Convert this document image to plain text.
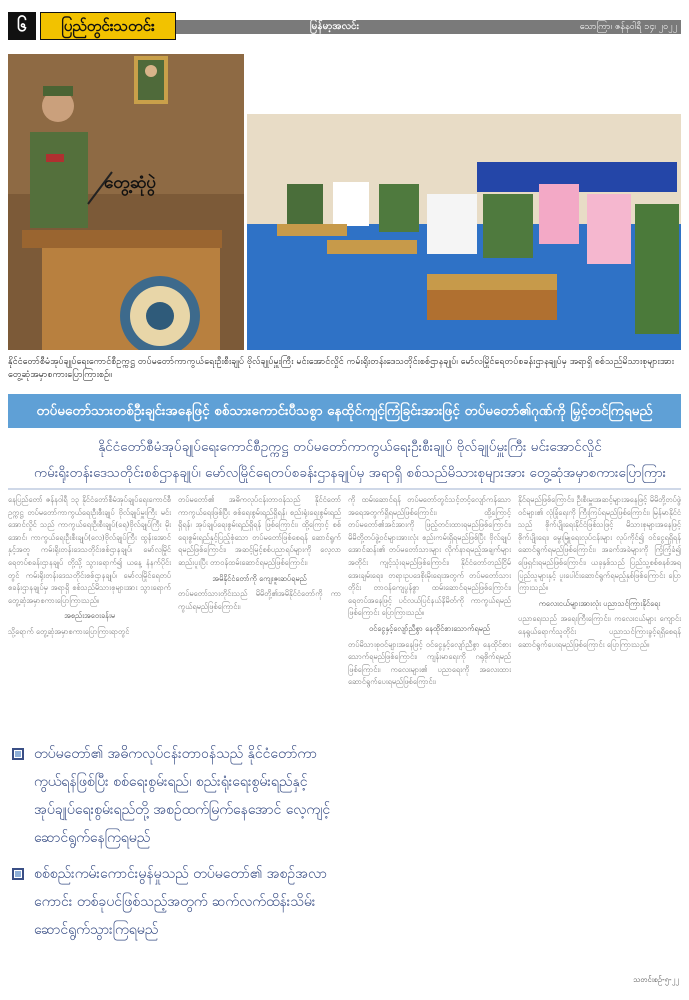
၆	ပြည်တွင်းသတင်း	မြန်မာ့အလင်း	သောကြာ၊ ဇန်နဝါရီ ၁၄၊ ၂၀၂၂
တွေ့ဆုံပွဲ
နိုင်ငံတော်စီမံအုပ်ချုပ်ရေးကောင်စီဥက္ကဋ္ဌ တပ်မတော်ကာကွယ်ရေးဦးစီးချုပ် ဗိုလ်ချုပ်မှူးကြီး မင်းအောင်လှိုင် ကမ်းရိုးတန်းဒေသတိုင်းစစ်ဌာနချုပ်၊ မော်လမြိုင်ရေတပ်စခန်းဌာနချုပ်မှ အရာရှိ စစ်သည်မိသားစုများအား တွေ့ဆုံအမှာစကားပြောကြားစဉ်။
တပ်မတော်သားတစ်ဦးချင်းအနေဖြင့် စစ်သားကောင်းပီသစွာ နေထိုင်ကျင့်ကြံခြင်းအားဖြင့် တပ်မတော်၏ဂုဏ်ကို မြှင့်တင်ကြရမည်
နိုင်ငံတော်စီမံအုပ်ချုပ်ရေးကောင်စီဥက္ကဋ္ဌ တပ်မတော်ကာကွယ်ရေးဦးစီးချုပ် ဗိုလ်ချုပ်မှူးကြီး မင်းအောင်လှိုင်
ကမ်းရိုးတန်းဒေသတိုင်းစစ်ဌာနချုပ်၊ မော်လမြိုင်ရေတပ်စခန်းဌာနချုပ်မှ အရာရှိ စစ်သည်မိသားစုများအား တွေ့ဆုံအမှာစကားပြောကြား

နေပြည်တော် ဇန်နဝါရီ ၁၃ နိုင်ငံတော်စီမံအုပ်ချုပ်ရေးကောင်စီဥက္ကဋ္ဌ တပ်မတော်ကာကွယ်ရေးဦးစီးချုပ် ဗိုလ်ချုပ်မှူးကြီး မင်းအောင်လှိုင် သည် ကာကွယ်ရေးဦးစီးချုပ်(ရေ)ဗိုလ်ချုပ်ကြီး မိုးအောင်၊ ကာကွယ်ရေးဦးစီးချုပ်(လေ)ဗိုလ်ချုပ်ကြီး ထွန်းအောင်နှင့်အတူ ကမ်းရိုးတန်းဒေသတိုင်းစစ်ဌာနချုပ်၊ မော်လမြိုင်ရေတပ်စခန်းဌာနချုပ် တို့သို့ သွားရောက်၍ ယနေ့ နံနက်ပိုင်းတွင် ကမ်းရိုးတန်းဒေသတိုင်းစစ်ဌာနချုပ်၊ မော်လမြိုင်ရေတပ်စခန်းဌာနချုပ်မှ အရာရှိ စစ်သည်မိသားစုများအား သွားရောက်တွေ့ဆုံအမှာစကားပြောကြားသည်။

အစည်းအဝေးခန်းမ

သို့ရောက် တွေ့ဆုံအမှာစကားပြောကြားရာတွင်

တပ်မတော်၏ အဓိကလုပ်ငန်းတာဝန်သည် နိုင်ငံတော်ကာကွယ်ရေးဖြစ်ပြီး စစ်ရေးစွမ်းရည်ရှိရန်၊ စည်းရုံးရေးစွမ်းရည်ရှိရန်၊ အုပ်ချုပ်ရေးစွမ်းရည်ရှိရန် ဖြစ်ကြောင်း၊ ထို့ကြောင့် စစ်ရေးစွမ်းရည်နှင့်ပြည့်စုံသော တပ်မတော်ဖြစ်စေရန် ဆောင်ရွက်ရမည်ဖြစ်ကြောင်း၊ အဆင့်မြင့်စစ်ပညာရပ်များကို လေ့လာဆည်းပူးပြီး တာဝန်ထမ်းဆောင်ရမည်ဖြစ်ကြောင်း၊

အမိနိုင်ငံတော်ကို ကျေးဇူးဆပ်ရမည်

တပ်မတော်သားတိုင်းသည် မိမိတို့၏အမိနိုင်ငံတော်ကို ကာကွယ်ရမည်ဖြစ်ကြောင်း၊

ကို ထမ်းဆောင်ရန် တပ်မတော်တွင်သင့်တင့်လျော်ကန်သော အရေအတွက်ရှိရမည်ဖြစ်ကြောင်း၊ ထို့ကြောင့် တပ်မတော်၏အင်အားကို ဖြည့်တင်းထားရမည်ဖြစ်ကြောင်း၊ မိမိတို့တပ်ဖွဲ့ဝင်များအားလုံး စည်းကမ်းရှိရမည်ဖြစ်ပြီး ဗိုလ်ချုပ်အောင်ဆန်း၏ တပ်မတော်သားများ လိုက်နာရမည့်အချက်များအတိုင်း ကျင့်သုံးရမည်ဖြစ်ကြောင်း၊ နိုင်ငံတော်တည်ငြိမ်အေးချမ်းရေး၊ တရားဥပဒေစိုးမိုးရေးအတွက် တပ်မတော်သားတိုင်း တာဝန်ကျေပွန်စွာ ထမ်းဆောင်ရမည်ဖြစ်ကြောင်း၊ ရေတပ်အနေဖြင့် ပင်လယ်ပြင်နယ်နိမိတ်ကို ကာကွယ်ရမည်ဖြစ်ကြောင်း ပြောကြားသည်။

ဝင်ငွေနှင့်လျော်ညီစွာ နေထိုင်စားသောက်ရမည်

တပ်မိသားစုဝင်များအနေဖြင့် ဝင်ငွေနှင့်လျော်ညီစွာ နေထိုင်စားသောက်ရမည်ဖြစ်ကြောင်း၊ ကျန်းမာရေးကို ဂရုစိုက်ရမည်ဖြစ်ကြောင်း၊ ကလေးများ၏ ပညာရေးကို အလေးထား ဆောင်ရွက်ပေးရမည်ဖြစ်ကြောင်း၊

နိုင်ရမည်ဖြစ်ကြောင်း၊ ဦးစီးမှူးအဆင့်များအနေဖြင့် မိမိတို့တပ်ဖွဲ့ဝင်များ၏ လုံခြုံရေးကို ကြီးကြပ်ရမည်ဖြစ်ကြောင်း၊ မြန်မာနိုင်ငံသည် စိုက်ပျိုးရေးနိုင်ငံဖြစ်သဖြင့် မိသားစုများအနေဖြင့် စိုက်ပျိုးရေး၊ မွေးမြူရေးလုပ်ငန်းများ လုပ်ကိုင်၍ ဝင်ငွေရရှိရန် ဆောင်ရွက်ရမည်ဖြစ်ကြောင်း၊ အခက်အခဲများကို ကြံ့ကြံ့ခံ၍ ဖြေရှင်းရမည်ဖြစ်ကြောင်း၊ ယခုနှစ်သည် ပြည်သူ့စစ်စနစ်အရ ပြည်သူများနှင့် ပူးပေါင်းဆောင်ရွက်ရမည့်နှစ်ဖြစ်ကြောင်း ပြောကြားသည်။

ကလေးငယ်များအားလုံး ပညာသင်ကြားနိုင်ရေး

ပညာရေးသည် အရေးကြီးကြောင်း၊ ကလေးငယ်များ ကျောင်းနေရွယ်ရောက်သူတိုင်း ပညာသင်ကြားခွင့်ရရှိစေရန် ဆောင်ရွက်ပေးရမည်ဖြစ်ကြောင်း ပြောကြားသည်။

တပ်မတော်၏ အဓိကလုပ်ငန်းတာဝန်သည် နိုင်ငံတော်ကာကွယ်ရန်ဖြစ်ပြီး စစ်ရေးစွမ်းရည်၊ စည်းရုံးရေးစွမ်းရည်နှင့် အုပ်ချုပ်ရေးစွမ်းရည်တို့ အစဉ်ထက်မြက်နေအောင် လေ့ကျင့်ဆောင်ရွက်နေကြရမည်
စစ်စည်းကမ်းကောင်းမွန်မှုသည် တပ်မတော်၏ အစဉ်အလာကောင်း တစ်ခုပင်ဖြစ်သည့်အတွက် ဆက်လက်ထိန်းသိမ်းဆောင်ရွက်သွားကြရမည်
သတင်းစဉ်-၅-၂၂
